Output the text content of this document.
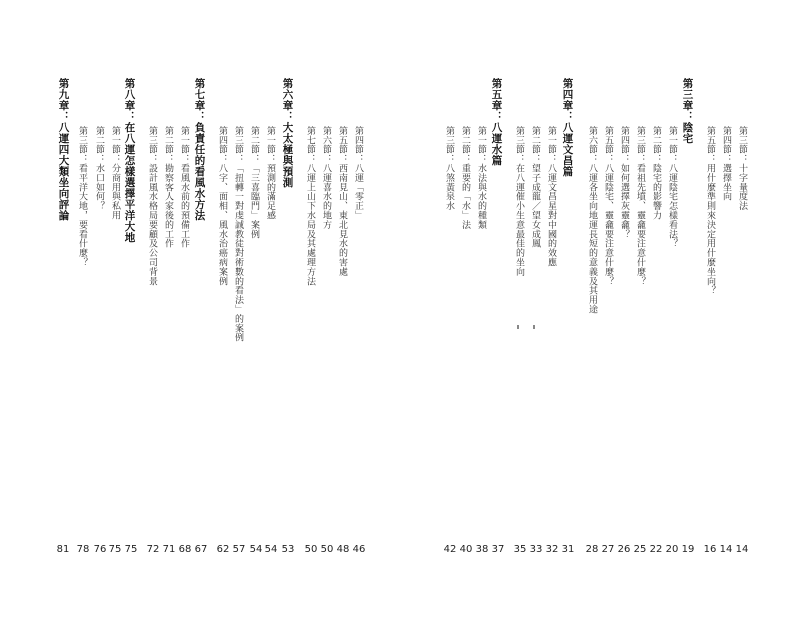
第九章：八運四大類坐向評論 第三節：看平洋大地，要看什麼？ 第二節：水口如何？ 第一節：分商用與私用 第八章：在八運怎樣選擇平洋大地 第三節：設計風水格局要顧及公司背景 第二節：勘察客人家後的工作 第一節：看風水前的預備工作 第七章：負責任的看風水方法 第四節：八字、面相、風水治癌病案例 第三節：「扭轉一對虔誠教徒對術數的看法」的案例 第二節：「三喜臨門」案例 第一節：預測的滿足感 第六章：大太極與預測 第七節：八運上山下水局及其處理方法 第六節：八運喜水的地方 第五節：西南見山、東北見水的害處 第四節：八運「零正」	第三節：八煞黃泉水 第二節：重要的「水」法 第一節：水法與水的種類
第五章：八運水篇
第三節：在八運催小生意最佳的坐向 第二節：望子成龍／望女成鳳 第一節：八運文昌星對中國的效應 第四章：八運文昌篇 第六節：八運各坐向地運長短的意義及其用途 第五節：八運陰宅、靈龕要注意什麼？ 第四節：如何選擇灰靈龕？ 第三節：看祖先墳、靈龕要注意什麼？ 第二節：陰宅的影響力 第一節：八運陰宅怎樣看法？
第三章：陰宅
第五節：用什麼準則來決定用什麼坐向？ 第四節：選擇坐向 第三節：十字量度法
81 78 76 75 75 72 71 68 67 62 57 54 54 53 50 50 48 46	42 40 38 37 35 33 32 31 28 27 26 25 22 20 19 16 14 14
